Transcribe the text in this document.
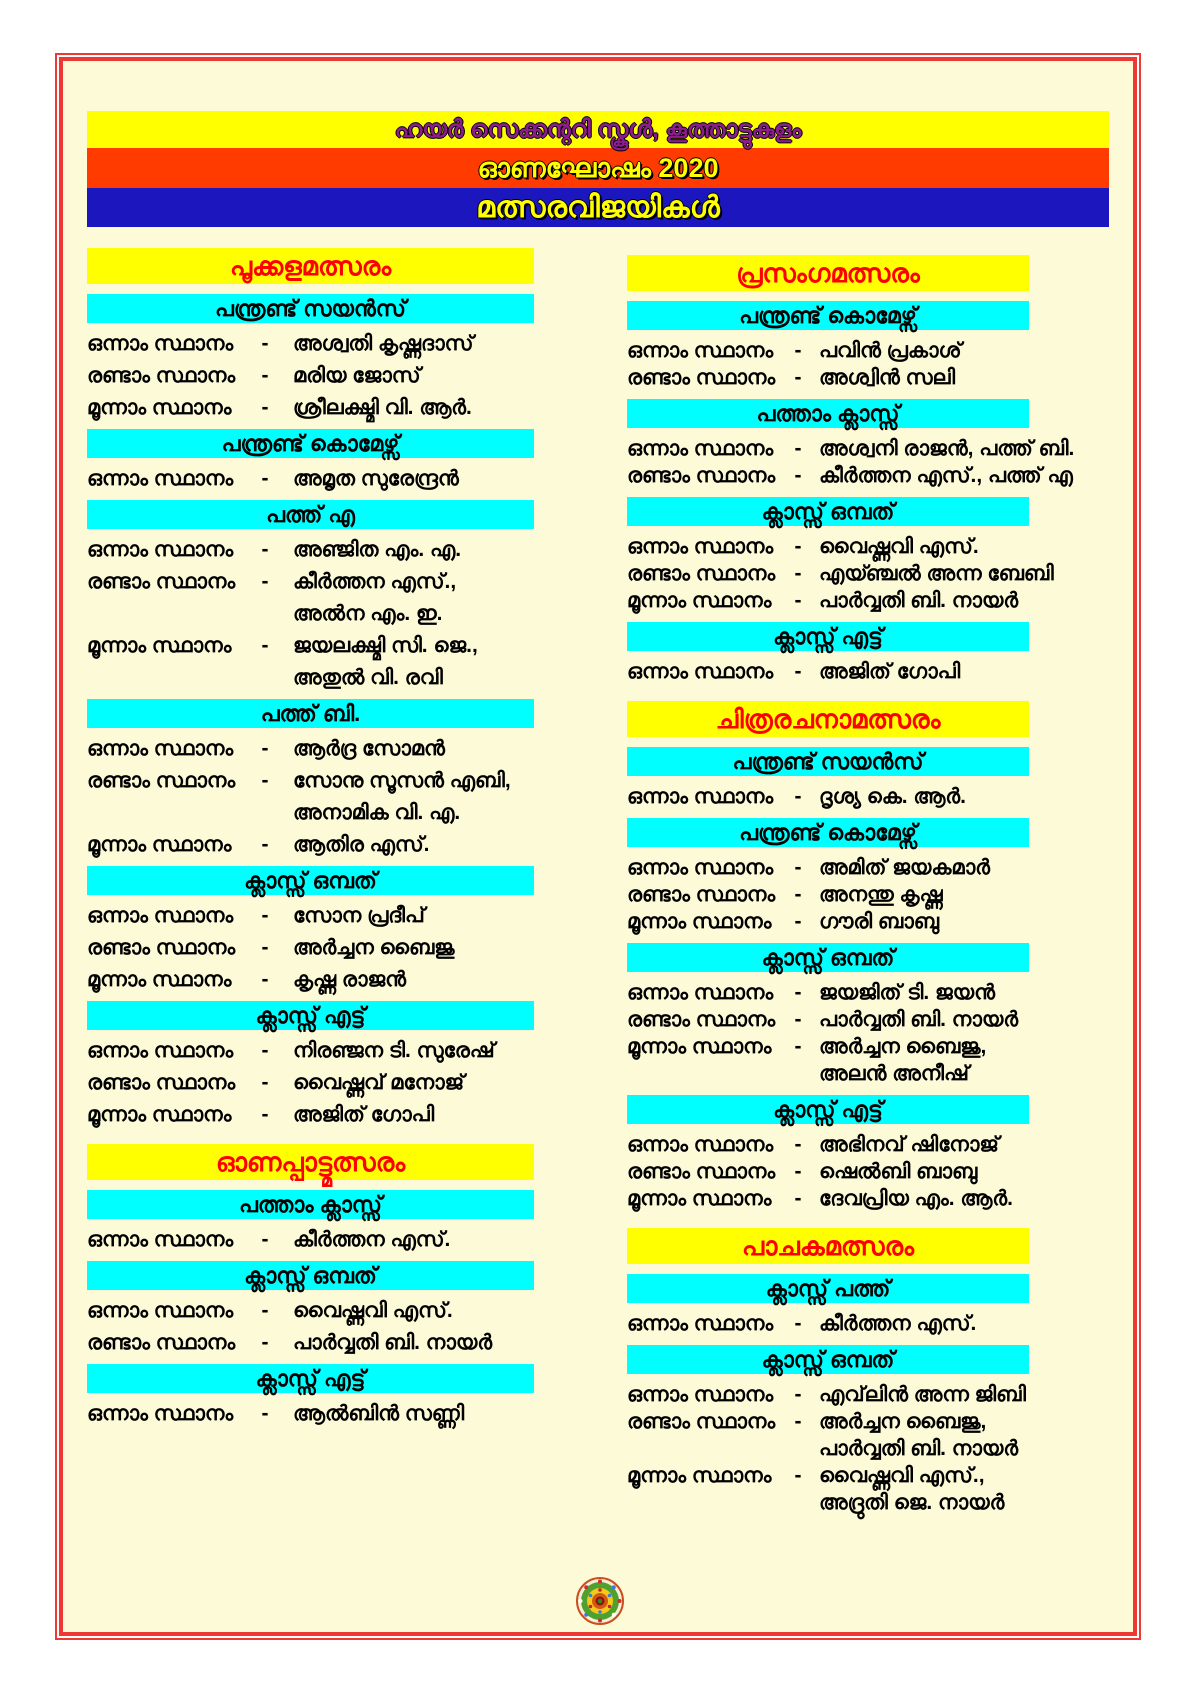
ഹയർ സെക്കന്ററി സ്കൂൾ, കൂത്താട്ടുകുളം
ഓണഘോഷം 2020
മത്സരവിജയികൾ
പൂക്കളമത്സരം
പന്ത്രണ്ട് സയൻസ്
ഒന്നാം സ്ഥാനം	-	അശ്വതി കൃഷ്ണദാസ്
രണ്ടാം സ്ഥാനം	-	മരിയ ജോസ്
മൂന്നാം സ്ഥാനം	-	ശ്രീലക്ഷ്മി വി. ആർ.
പന്ത്രണ്ട് കൊമേഴ്സ്
ഒന്നാം സ്ഥാനം	-	അമൃത സുരേന്ദ്രൻ
പത്ത് എ
ഒന്നാം സ്ഥാനം	-	അഞ്ജിത എം. എ.
രണ്ടാം സ്ഥാനം	-	കീർത്തന എസ്.,
അൽന എം. ഇ.
മൂന്നാം സ്ഥാനം	-	ജയലക്ഷ്മി സി. ജെ.,
അതുൽ വി. രവി
പത്ത് ബി.
ഒന്നാം സ്ഥാനം	-	ആർദ്ര സോമൻ
രണ്ടാം സ്ഥാനം	-	സോനു സൂസൻ എബി,
അനാമിക വി. എ.
മൂന്നാം സ്ഥാനം	-	ആതിര എസ്.
ക്ലാസ്സ് ഒമ്പത്
ഒന്നാം സ്ഥാനം	-	സോന പ്രദീപ്
രണ്ടാം സ്ഥാനം	-	അർച്ചന ബൈജു
മൂന്നാം സ്ഥാനം	-	കൃഷ്ണ രാജൻ
ക്ലാസ്സ് എട്ട്
ഒന്നാം സ്ഥാനം	-	നിരഞ്ജന ടി. സുരേഷ്
രണ്ടാം സ്ഥാനം	-	വൈഷ്ണവ് മനോജ്
മൂന്നാം സ്ഥാനം	-	അജിത് ഗോപി
ഓണപ്പാട്ട്മത്സരം
പത്താം ക്ലാസ്സ്
ഒന്നാം സ്ഥാനം	-	കീർത്തന എസ്.
ക്ലാസ്സ് ഒമ്പത്
ഒന്നാം സ്ഥാനം	-	വൈഷ്ണവി എസ്.
രണ്ടാം സ്ഥാനം	-	പാർവ്വതി ബി. നായർ
ക്ലാസ്സ് എട്ട്
ഒന്നാം സ്ഥാനം	-	ആൽബിൻ സണ്ണി
പ്രസംഗമത്സരം
പന്ത്രണ്ട് കൊമേഴ്സ്
ഒന്നാം സ്ഥാനം	- പവിൻ പ്രകാശ്
രണ്ടാം സ്ഥാനം - അശ്വിൻ സലി
പത്താം ക്ലാസ്സ്
ഒന്നാം സ്ഥാനം	- അശ്വനി രാജൻ, പത്ത് ബി.
രണ്ടാം സ്ഥാനം - കീർത്തന എസ്., പത്ത് എ
ക്ലാസ്സ് ഒമ്പത്
ഒന്നാം സ്ഥാനം	- വൈഷ്ണവി എസ്.
രണ്ടാം സ്ഥാനം - എയ്ഞ്ചൽ അന്ന ബേബി
മൂന്നാം സ്ഥാനം	- പാർവ്വതി ബി. നായർ
ക്ലാസ്സ് എട്ട്
ഒന്നാം സ്ഥാനം	- അജിത് ഗോപി
ചിത്രരചനാമത്സരം
പന്ത്രണ്ട് സയൻസ്
ഒന്നാം സ്ഥാനം	- ദൃശ്യ കെ. ആർ.
പന്ത്രണ്ട് കൊമേഴ്സ്
ഒന്നാം സ്ഥാനം	- അമിത് ജയകമാർ
രണ്ടാം സ്ഥാനം - അനന്തു കൃഷ്ണ
മൂന്നാം സ്ഥാനം	- ഗൗരി ബാബു
ക്ലാസ്സ് ഒമ്പത്
ഒന്നാം സ്ഥാനം	- ജയജിത് ടി. ജയൻ
രണ്ടാം സ്ഥാനം - പാർവ്വതി ബി. നായർ
മൂന്നാം സ്ഥാനം	- അർച്ചന ബൈജു,
അലൻ അനീഷ്
ക്ലാസ്സ് എട്ട്
ഒന്നാം സ്ഥാനം	- അഭിനവ് ഷിനോജ്
രണ്ടാം സ്ഥാനം - ഷെൽബി ബാബു
മൂന്നാം സ്ഥാനം	- ദേവപ്രിയ എം. ആർ.
പാചകമത്സരം
ക്ലാസ്സ് പത്ത്
ഒന്നാം സ്ഥാനം	- കീർത്തന എസ്.
ക്ലാസ്സ് ഒമ്പത്
ഒന്നാം സ്ഥാനം	- എവ്‌ലിൻ അന്ന ജിബി
രണ്ടാം സ്ഥാനം - അർച്ചന ബൈജു,
പാർവ്വതി ബി. നായർ
മൂന്നാം സ്ഥാനം	- വൈഷ്ണവി എസ്.,
അദ്രുതി ജെ. നായർ
